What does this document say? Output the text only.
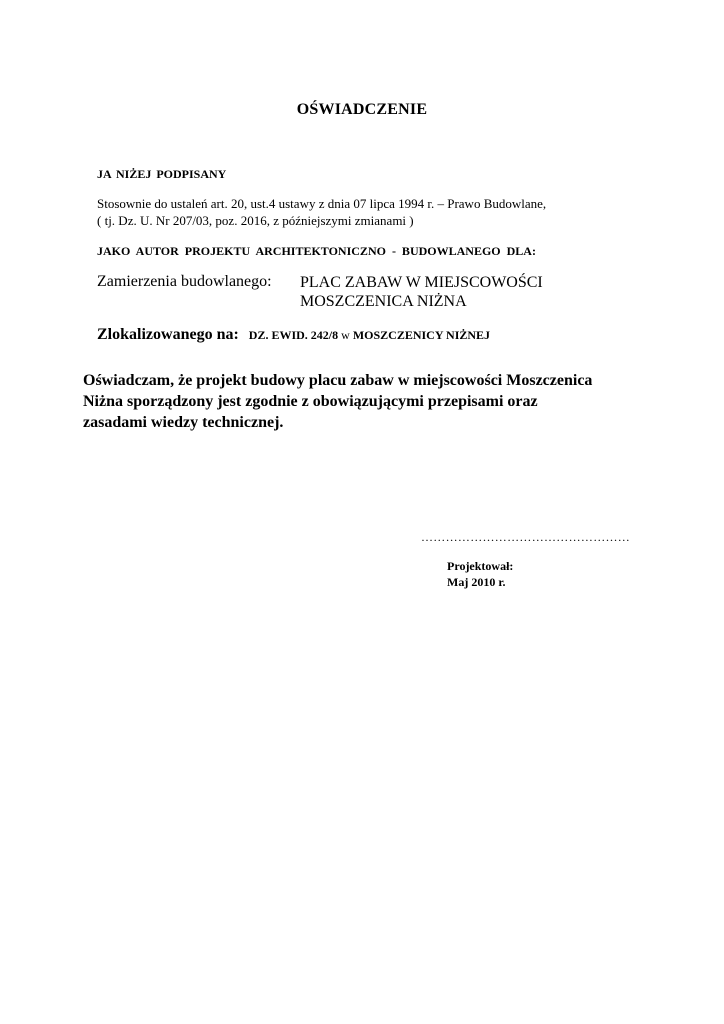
OŚWIADCZENIE
JA NIŻEJ PODPISANY
Stosownie do ustaleń art. 20, ust.4 ustawy z dnia 07 lipca 1994 r. – Prawo Budowlane,
( tj. Dz. U. Nr 207/03, poz. 2016, z późniejszymi zmianami )
JAKO AUTOR PROJEKTU ARCHITEKTONICZNO - BUDOWLANEGO DLA:
Zamierzenia budowlanego: PLAC ZABAW W MIEJSCOWOŚCI
MOSZCZENICA NIŻNA
Zlokalizowanego na: DZ. EWID. 242/8 w MOSZCZENICY NIŻNEJ
Oświadczam, że projekt budowy placu zabaw w miejscowości Moszczenica
Niżna sporządzony jest zgodnie z obowiązującymi przepisami oraz
zasadami wiedzy technicznej.
……………………………………………
Projektował:
Maj 2010 r.
